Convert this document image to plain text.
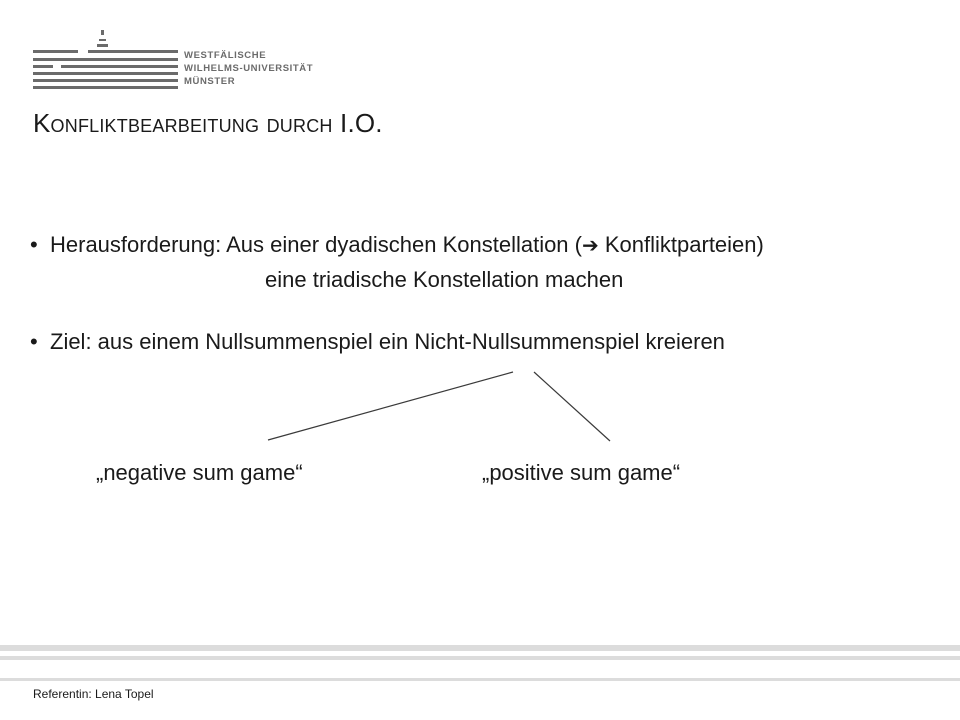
WESTFÄLISCHE
WILHELMS-UNIVERSITÄT
MÜNSTER
Konfliktbearbeitung durch I.O.
• Herausforderung: Aus einer dyadischen Konstellation (➔ Konfliktparteien)
eine triadische Konstellation machen
• Ziel: aus einem Nullsummenspiel ein Nicht-Nullsummenspiel kreieren
„negative sum game“	„positive sum game“
Referentin: Lena Topel
